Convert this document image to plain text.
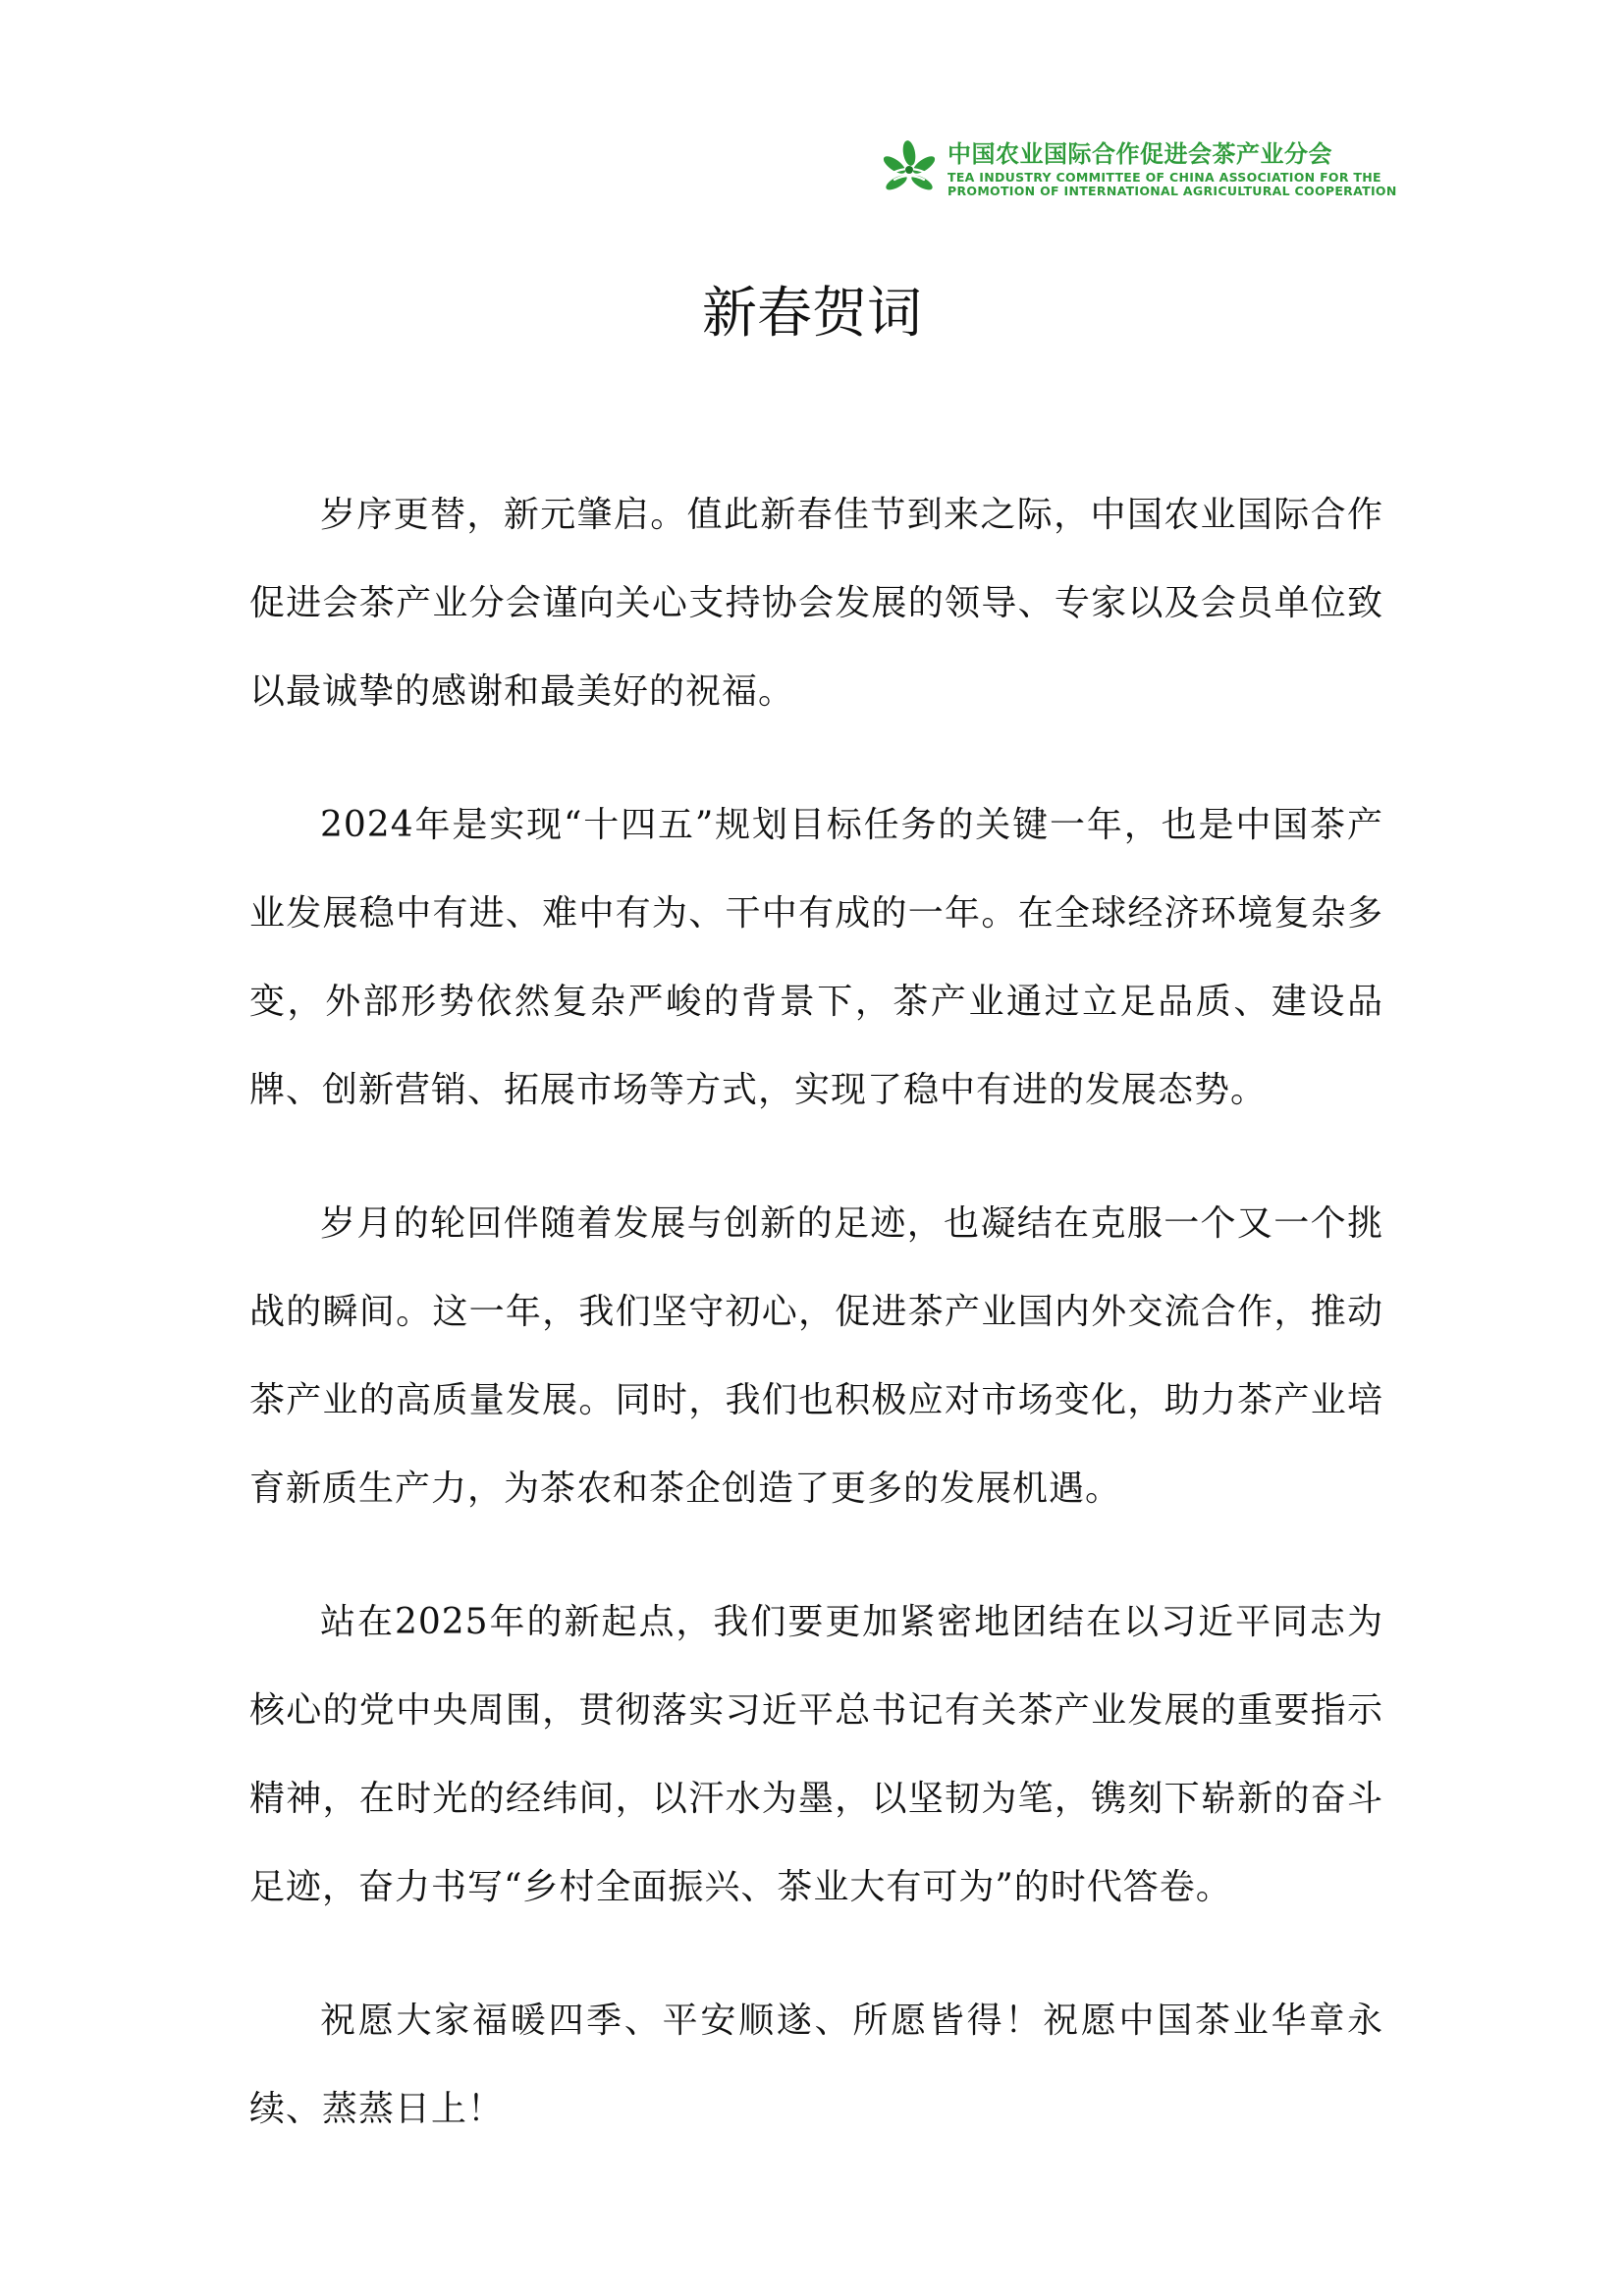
中国农业国际合作促进会茶产业分会
TEA INDUSTRY COMMITTEE OF CHINA ASSOCIATION FOR THE
PROMOTION OF INTERNATIONAL AGRICULTURAL COOPERATION
新春贺词

岁序更替，新元肇启。值此新春佳节到来之际，中国农业国际合作促进会茶产业分会谨向关心支持协会发展的领导、专家以及会员单位致以最诚挚的感谢和最美好的祝福。

2024年是实现“十四五”规划目标任务的关键一年，也是中国茶产业发展稳中有进、难中有为、干中有成的一年。在全球经济环境复杂多变，外部形势依然复杂严峻的背景下，茶产业通过立足品质、建设品牌、创新营销、拓展市场等方式，实现了稳中有进的发展态势。

岁月的轮回伴随着发展与创新的足迹，也凝结在克服一个又一个挑战的瞬间。这一年，我们坚守初心，促进茶产业国内外交流合作，推动茶产业的高质量发展。同时，我们也积极应对市场变化，助力茶产业培育新质生产力，为茶农和茶企创造了更多的发展机遇。

站在2025年的新起点，我们要更加紧密地团结在以习近平同志为核心的党中央周围，贯彻落实习近平总书记有关茶产业发展的重要指示精神，在时光的经纬间，以汗水为墨，以坚韧为笔，镌刻下崭新的奋斗足迹，奋力书写“乡村全面振兴、茶业大有可为”的时代答卷。

祝愿大家福暖四季、平安顺遂、所愿皆得！祝愿中国茶业华章永续、蒸蒸日上！
